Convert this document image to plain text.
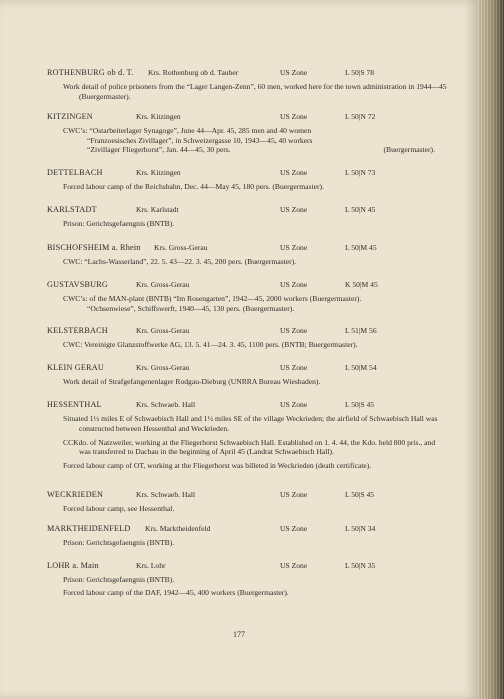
ROTHENBURG ob d. T. Krs. Rothenburg ob d. Tauber	US Zone	L 50|S 78

Work detail of police prisoners from the “Lager Langen-Zenn”, 60 men, worked here for the town administration in 1944—45 (Buergermaster).

KITZINGEN	Krs. Kitzingen	US Zone	L 50|N 72

CWC’s: “Ostarbeiterlager Synagoge”, June 44—Apr. 45, 285 men and 40 women

“Franzoesisches Zivillager”, in Schweizergasse 10, 1943—45, 40 workers

“Zivillager Fliegerhorst”, Jan. 44—45, 30 pers.	(Buergermaster).

DETTELBACH	Krs. Kitzingen	US Zone	L 50|N 73

Forced labour camp of the Reichsbahn, Dec. 44—May 45, 180 pers. (Buergermaster).

KARLSTADT	Krs. Karlstadt	US Zone	L 50|N 45

Prison: Gerichtsgefaengnis (BNTB).

BISCHOFSHEIM a. Rhein Krs. Gross-Gerau	US Zone	L 50|M 45

CWC: “Lachs-Wasserland”, 22. 5. 43—22. 3. 45, 200 pers. (Buergermaster).

GUSTAVSBURG	Krs. Gross-Gerau	US Zone	K 50|M 45

CWC’s: of the MAN-plant (BNTB) “Im Rosengarten”, 1942—45, 2000 workers (Buergermaster).

“Ochsenwiese”, Schiffswerft, 1940—45, 130 pers. (Buergermaster).

KELSTERBACH	Krs. Gross-Gerau	US Zone	L 51|M 56

CWC: Vereinigte Glanzstoffwerke AG, 13. 5. 41—24. 3. 45, 1100 pers. (BNTB; Buergermaster).

KLEIN GERAU	Krs. Gross-Gerau	US Zone	L 50|M 54

Work detail of Strafgefangenenlager Rodgau-Dieburg (UNRRA Bureau Wiesbaden).

HESSENTHAL	Krs. Schwaeb. Hall	US Zone	L 50|S 45

Situated 1½ miles E of Schwaebisch Hall and 1½ miles SE of the village Weckrieden; the airfield of Schwaebisch Hall was constructed between Hessenthal and Weckrieden.

CCKdo. of Natzweiler, working at the Fliegerhorst Schwaebisch Hall. Established on 1. 4. 44, the Kdo. held 800 pris., and was transferred to Dachau in the beginning of April 45 (Landrat Schwaebisch Hall).

Forced labour camp of OT, working at the Fliegerhorst was billeted in Weckrieden (death certificate).

WECKRIEDEN	Krs. Schwaeb. Hall	US Zone	L 50|S 45

Forced labour camp, see Hessenthal.

MARKTHEIDENFELD Krs. Marktheidenfeld	US Zone	L 50|N 34

Prison: Gerichtsgefaengnis (BNTB).

LOHR a. Main	Krs. Lohr	US Zone	L 50|N 35

Prison: Gerichtsgefaengnis (BNTB).

Forced labour camp of the DAF, 1942—45, 400 workers (Buergermaster).

177
